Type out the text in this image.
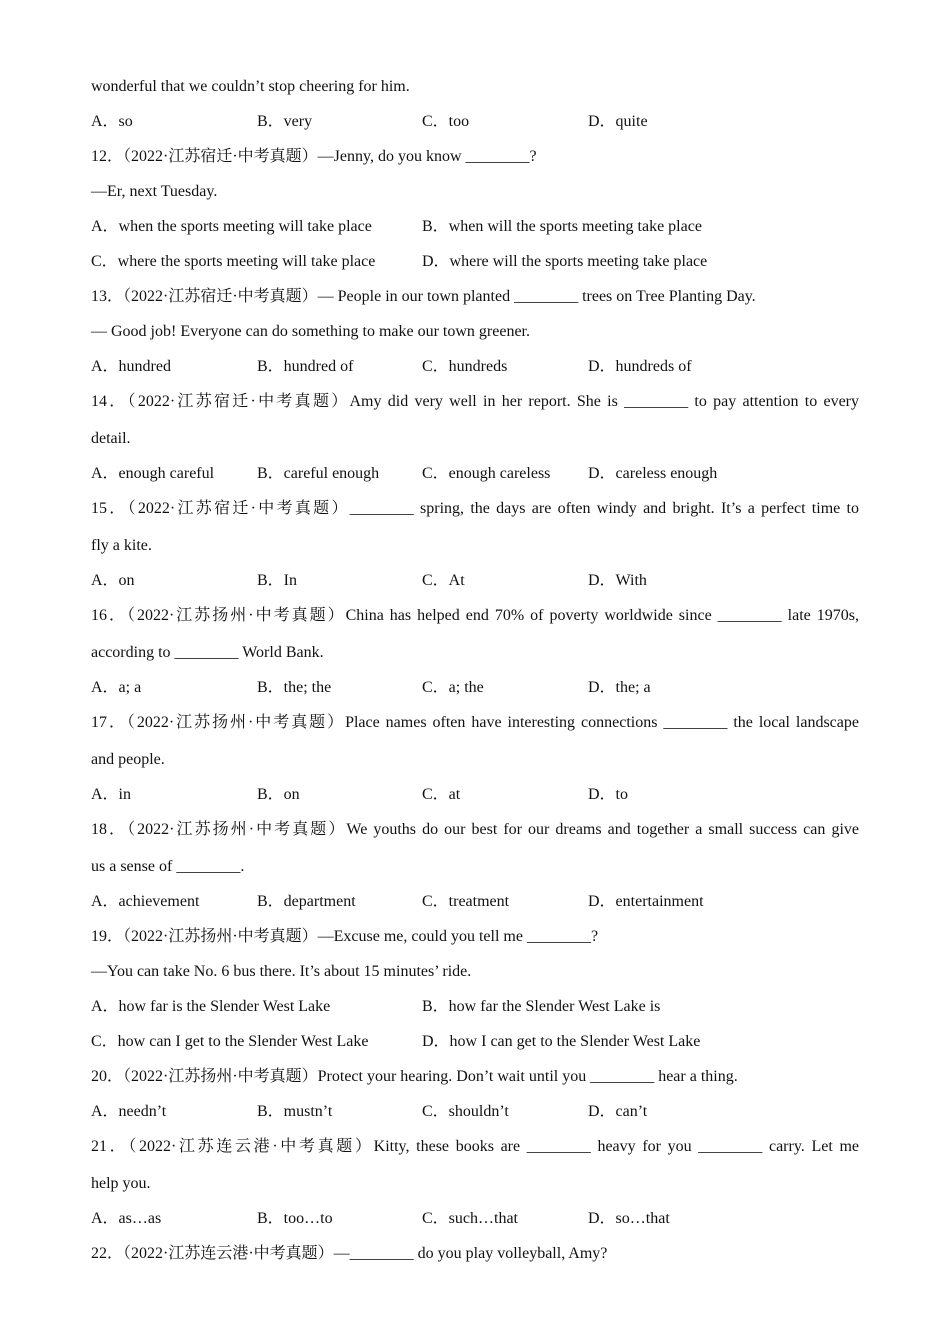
wonderful that we couldn’t stop cheering for him.
A．so	B．very	C．too	D．quite
12．（2022·江苏宿迁·中考真题）—Jenny, do you know ________?
—Er, next Tuesday.
A．when the sports meeting will take place	B．when will the sports meeting take place
C．where the sports meeting will take place	D．where will the sports meeting take place
13．（2022·江苏宿迁·中考真题）— People in our town planted ________ trees on Tree Planting Day.
— Good job! Everyone can do something to make our town greener.
A．hundred	B．hundred of	C．hundreds	D．hundreds of
14．（2022·江苏宿迁·中考真题）Amy did very well in her report. She is ________ to pay attention to every
detail.
A．enough careful	B．careful enough	C．enough careless D．careless enough
15．（2022·江苏宿迁·中考真题）________ spring, the days are often windy and bright. It’s a perfect time to
fly a kite.
A．on	B．In	C．At	D．With
16．（2022·江苏扬州·中考真题）China has helped end 70% of poverty worldwide since ________ late 1970s,
according to ________ World Bank.
A．a; a	B．the; the	C．a; the	D．the; a
17．（2022·江苏扬州·中考真题）Place names often have interesting connections ________ the local landscape
and people.
A．in	B．on	C．at	D．to
18．（2022·江苏扬州·中考真题）We youths do our best for our dreams and together a small success can give
us a sense of ________.
A．achievement	B．department	C．treatment	D．entertainment
19．（2022·江苏扬州·中考真题）—Excuse me, could you tell me ________?
—You can take No. 6 bus there. It’s about 15 minutes’ ride.
A．how far is the Slender West Lake	B．how far the Slender West Lake is
C．how can I get to the Slender West Lake	D．how I can get to the Slender West Lake
20．（2022·江苏扬州·中考真题）Protect your hearing. Don’t wait until you ________ hear a thing.
A．needn’t	B．mustn’t	C．shouldn’t	D．can’t
21．（2022·江苏连云港·中考真题）Kitty, these books are ________ heavy for you ________ carry. Let me
help you.
A．as…as	B．too…to	C．such…that	D．so…that
22．（2022·江苏连云港·中考真题）—________ do you play volleyball, Amy?
